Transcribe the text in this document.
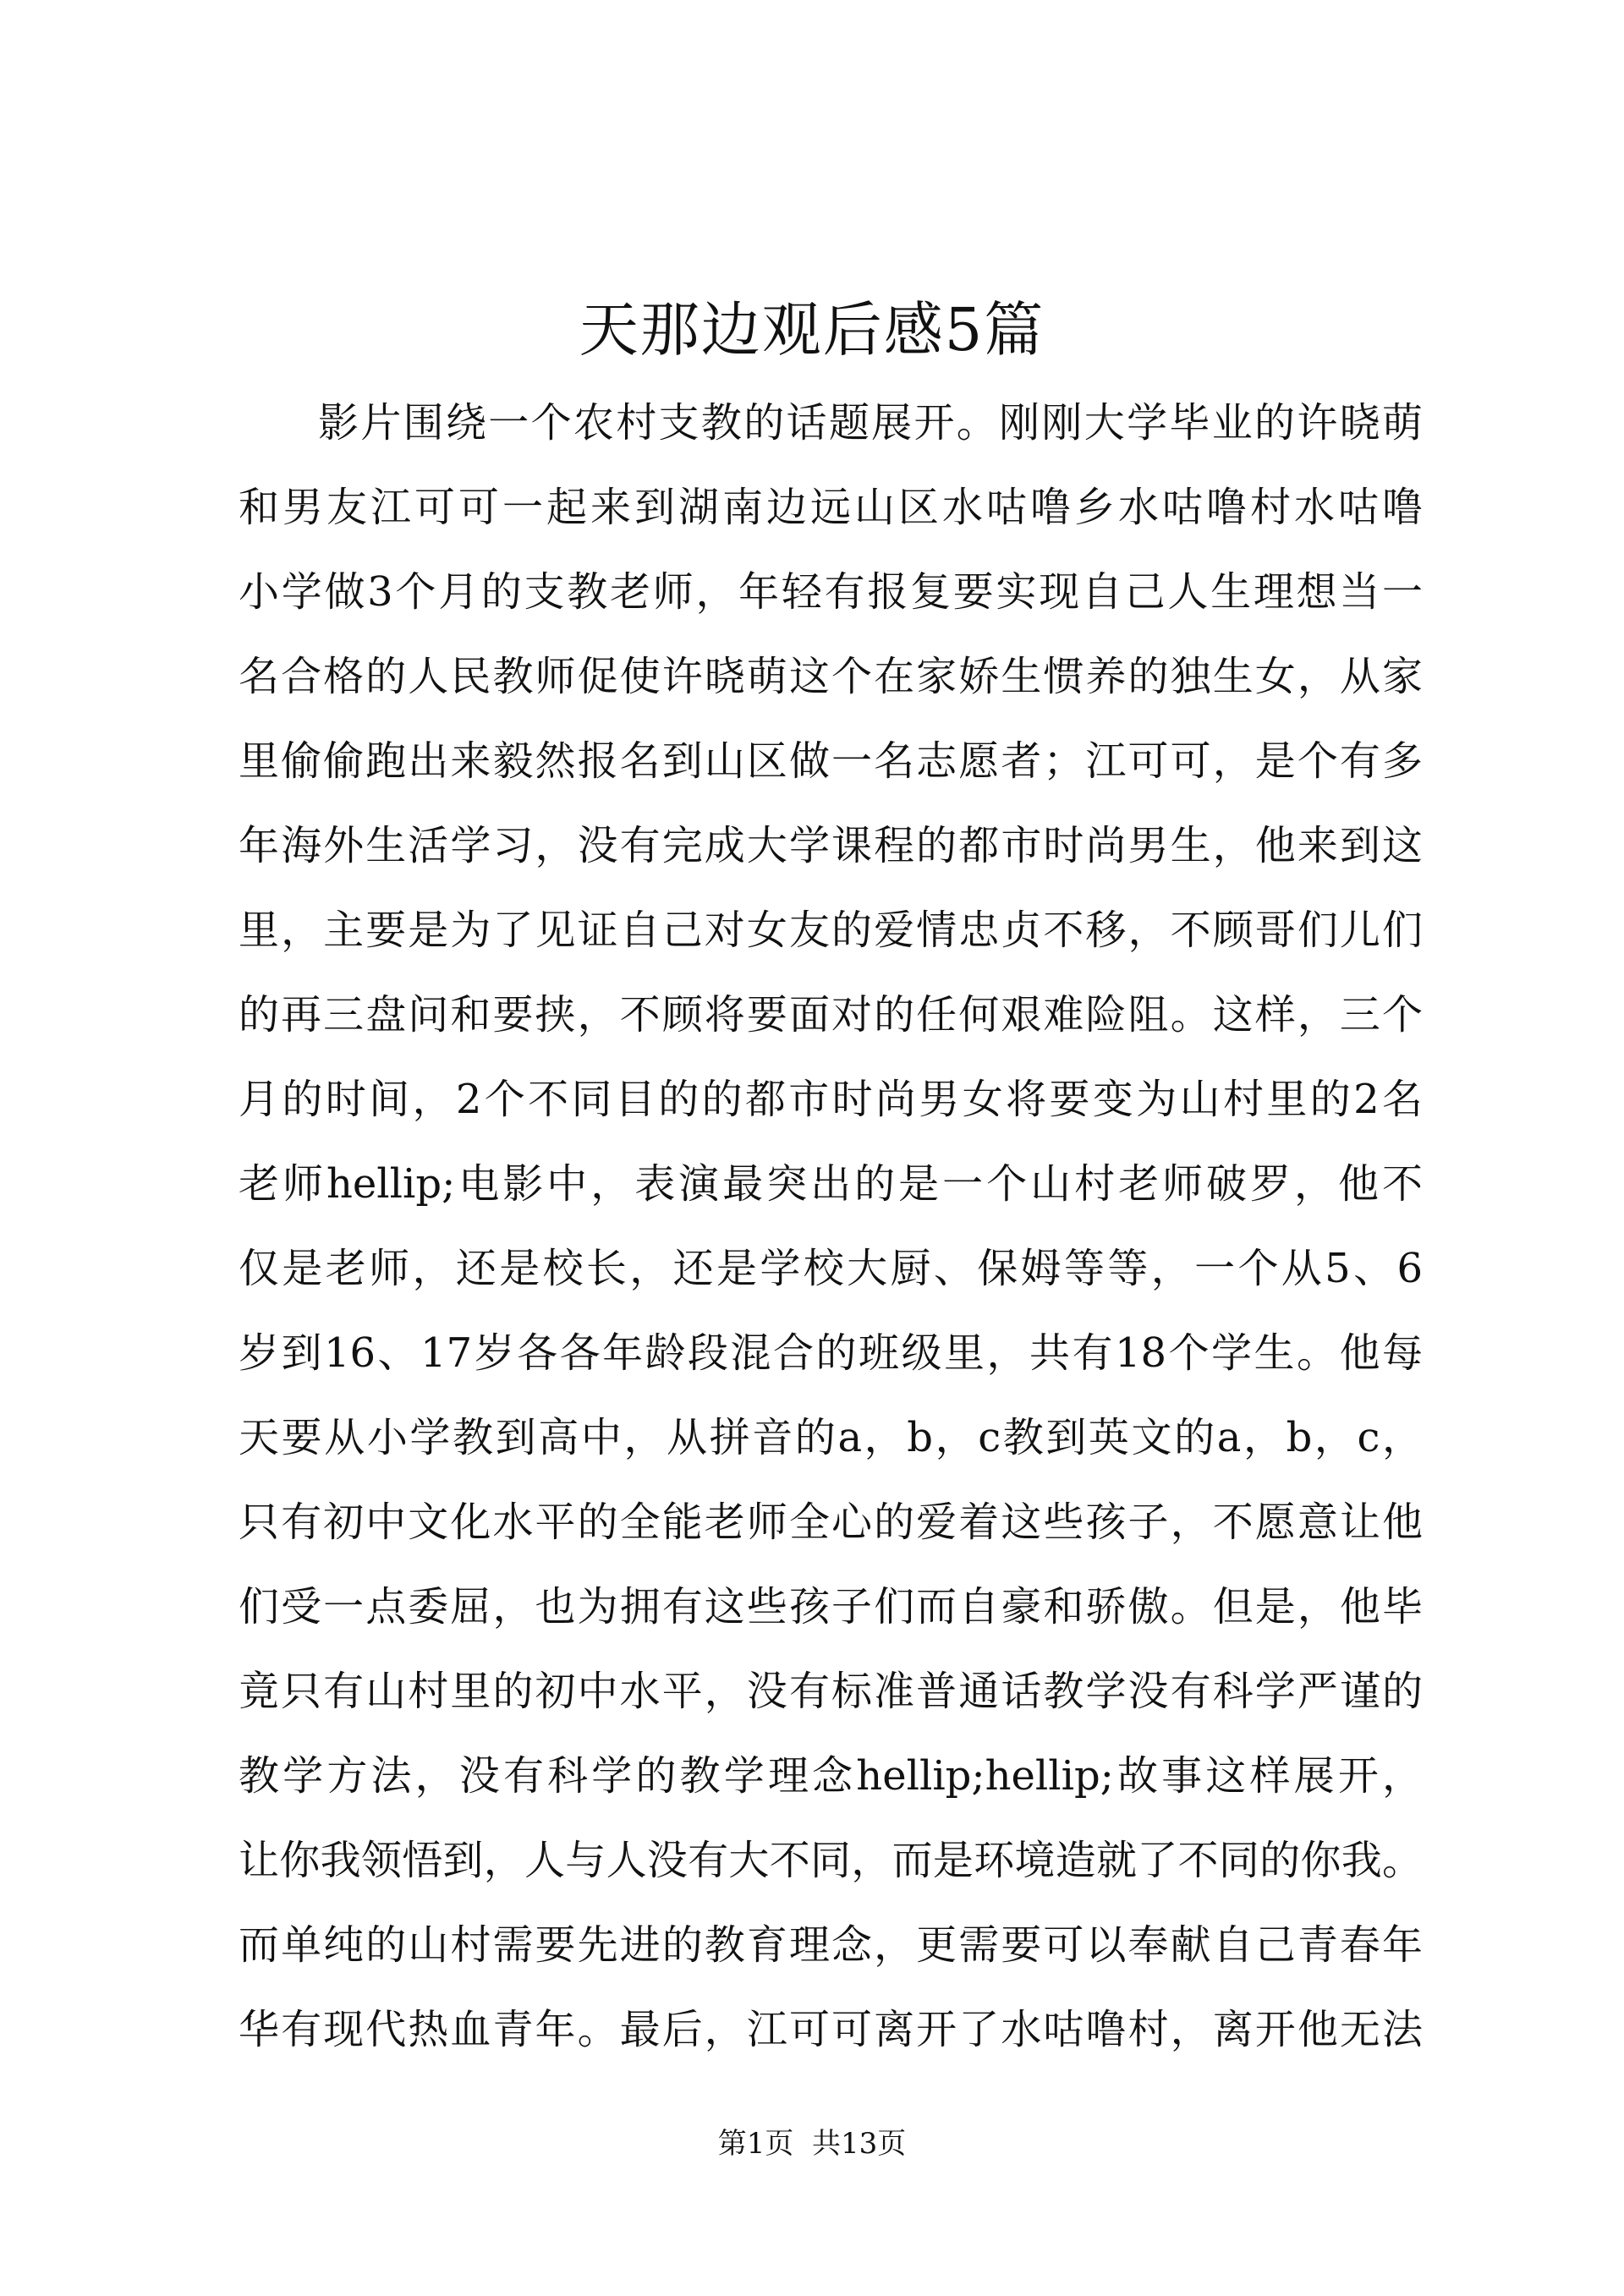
天那边观后感5篇
影片围绕一个农村支教的话题展开。刚刚大学毕业的许晓萌
和男友江可可一起来到湖南边远山区水咕噜乡水咕噜村水咕噜
小学做3个月的支教老师，年轻有报复要实现自己人生理想当一
名合格的人民教师促使许晓萌这个在家娇生惯养的独生女，从家
里偷偷跑出来毅然报名到山区做一名志愿者；江可可，是个有多
年海外生活学习，没有完成大学课程的都市时尚男生，他来到这
里，主要是为了见证自己对女友的爱情忠贞不移，不顾哥们儿们
的再三盘问和要挟，不顾将要面对的任何艰难险阻。这样，三个
月的时间，2个不同目的的都市时尚男女将要变为山村里的2名
老师hellip;电影中，表演最突出的是一个山村老师破罗，他不
仅是老师，还是校长，还是学校大厨、保姆等等，一个从5、6
岁到16、17岁各各年龄段混合的班级里，共有18个学生。他每
天要从小学教到高中，从拼音的a，b，c教到英文的a，b，c，
只有初中文化水平的全能老师全心的爱着这些孩子，不愿意让他
们受一点委屈，也为拥有这些孩子们而自豪和骄傲。但是，他毕
竟只有山村里的初中水平，没有标准普通话教学没有科学严谨的
教学方法，没有科学的教学理念hellip;hellip;故事这样展开，
让你我领悟到，人与人没有大不同，而是环境造就了不同的你我。
而单纯的山村需要先进的教育理念，更需要可以奉献自己青春年
华有现代热血青年。最后，江可可离开了水咕噜村，离开他无法
第1页  共13页
